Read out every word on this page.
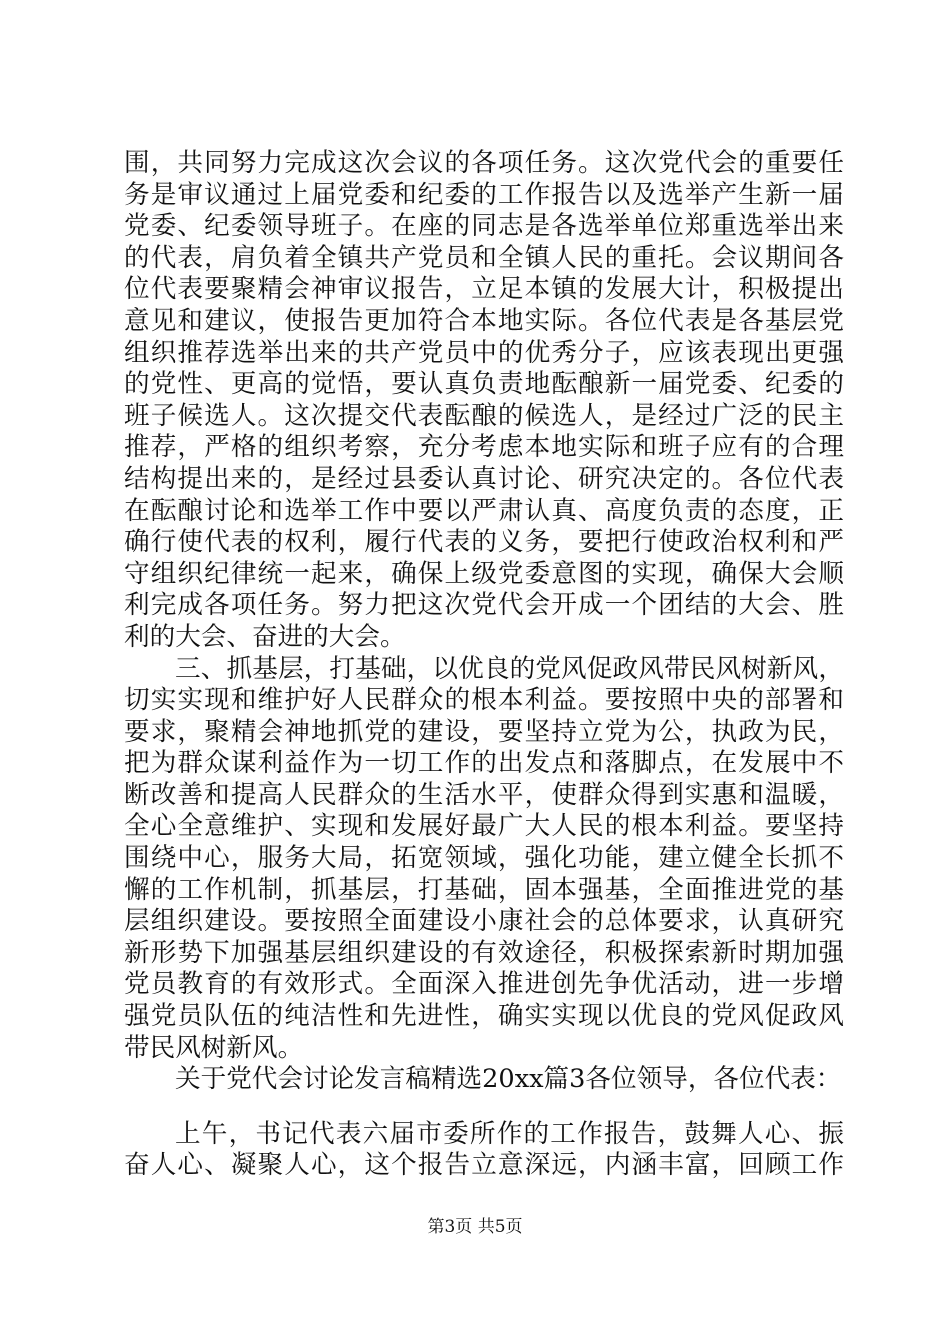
围，共同努力完成这次会议的各项任务。这次党代会的重要任
务是审议通过上届党委和纪委的工作报告以及选举产生新一届
党委、纪委领导班子。在座的同志是各选举单位郑重选举出来
的代表，肩负着全镇共产党员和全镇人民的重托。会议期间各
位代表要聚精会神审议报告，立足本镇的发展大计，积极提出
意见和建议，使报告更加符合本地实际。各位代表是各基层党
组织推荐选举出来的共产党员中的优秀分子，应该表现出更强
的党性、更高的觉悟，要认真负责地酝酿新一届党委、纪委的
班子候选人。这次提交代表酝酿的候选人，是经过广泛的民主
推荐，严格的组织考察，充分考虑本地实际和班子应有的合理
结构提出来的，是经过县委认真讨论、研究决定的。各位代表
在酝酿讨论和选举工作中要以严肃认真、高度负责的态度，正
确行使代表的权利，履行代表的义务，要把行使政治权利和严
守组织纪律统一起来，确保上级党委意图的实现，确保大会顺
利完成各项任务。努力把这次党代会开成一个团结的大会、胜
利的大会、奋进的大会。
三、抓基层，打基础，以优良的党风促政风带民风树新风，
切实实现和维护好人民群众的根本利益。要按照中央的部署和
要求，聚精会神地抓党的建设，要坚持立党为公，执政为民，
把为群众谋利益作为一切工作的出发点和落脚点，在发展中不
断改善和提高人民群众的生活水平，使群众得到实惠和温暖，
全心全意维护、实现和发展好最广大人民的根本利益。要坚持
围绕中心，服务大局，拓宽领域，强化功能，建立健全长抓不
懈的工作机制，抓基层，打基础，固本强基，全面推进党的基
层组织建设。要按照全面建设小康社会的总体要求，认真研究
新形势下加强基层组织建设的有效途径，积极探索新时期加强
党员教育的有效形式。全面深入推进创先争优活动，进一步增
强党员队伍的纯洁性和先进性，确实实现以优良的党风促政风
带民风树新风。
关于党代会讨论发言稿精选20xx篇3各位领导，各位代表：
上午，书记代表六届市委所作的工作报告，鼓舞人心、振
奋人心、凝聚人心，这个报告立意深远，内涵丰富，回顾工作
第3页 共5页
